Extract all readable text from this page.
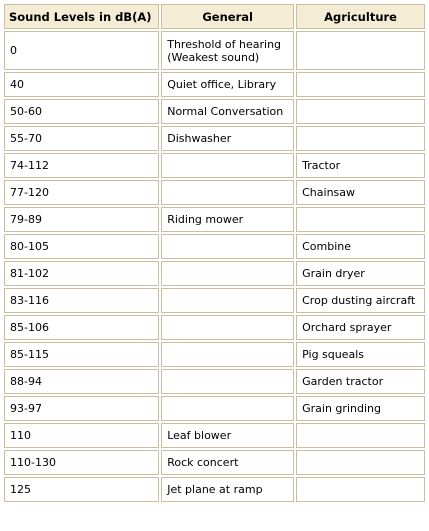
Sound Levels in dB(A)	General	Agriculture
0	Threshold of hearing (Weakest sound)	
40	Quiet office, Library	
50-60	Normal Conversation	
55-70	Dishwasher	
74-112		Tractor
77-120		Chainsaw
79-89	Riding mower	
80-105		Combine
81-102		Grain dryer
83-116		Crop dusting aircraft
85-106		Orchard sprayer
85-115		Pig squeals
88-94		Garden tractor
93-97		Grain grinding
110	Leaf blower	
110-130	Rock concert	
125	Jet plane at ramp	
